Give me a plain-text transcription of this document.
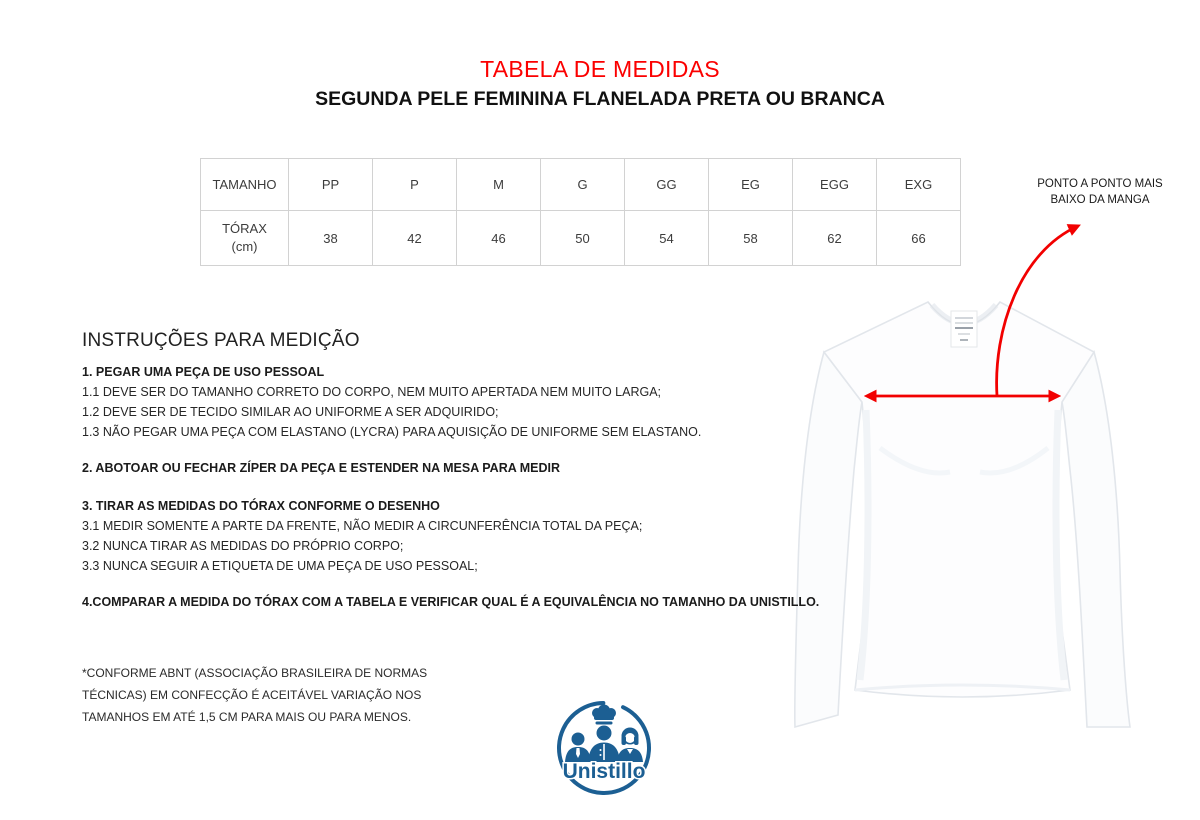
TABELA DE MEDIDAS
SEGUNDA PELE FEMININA FLANELADA PRETA OU BRANCA
TAMANHO	PP	P	M	G	GG	EG	EGG	EXG

TÓRAX
(cm)	38	42	46	50	54	58	62	66
PONTO A PONTO MAIS
BAIXO DA MANGA
INSTRUÇÕES PARA MEDIÇÃO
1. PEGAR UMA PEÇA DE USO PESSOAL
1.1 DEVE SER DO TAMANHO CORRETO DO CORPO, NEM MUITO APERTADA NEM MUITO LARGA;
1.2 DEVE SER DE TECIDO SIMILAR AO UNIFORME A SER ADQUIRIDO;
1.3 NÃO PEGAR UMA PEÇA COM ELASTANO (LYCRA) PARA AQUISIÇÃO DE UNIFORME SEM ELASTANO.
2. ABOTOAR OU FECHAR ZÍPER DA PEÇA E ESTENDER NA MESA PARA MEDIR
3. TIRAR AS MEDIDAS DO TÓRAX CONFORME O DESENHO
3.1 MEDIR SOMENTE A PARTE DA FRENTE, NÃO MEDIR A CIRCUNFERÊNCIA TOTAL DA PEÇA;
3.2 NUNCA TIRAR AS MEDIDAS DO PRÓPRIO CORPO;
3.3 NUNCA SEGUIR A ETIQUETA DE UMA PEÇA DE USO PESSOAL;
4.COMPARAR A MEDIDA DO TÓRAX COM A TABELA E VERIFICAR QUAL É A EQUIVALÊNCIA NO TAMANHO DA UNISTILLO.
*CONFORME ABNT (ASSOCIAÇÃO BRASILEIRA DE NORMAS
TÉCNICAS) EM CONFECÇÃO É ACEITÁVEL VARIAÇÃO NOS
TAMANHOS EM ATÉ 1,5 CM PARA MAIS OU PARA MENOS.
Unistillo
